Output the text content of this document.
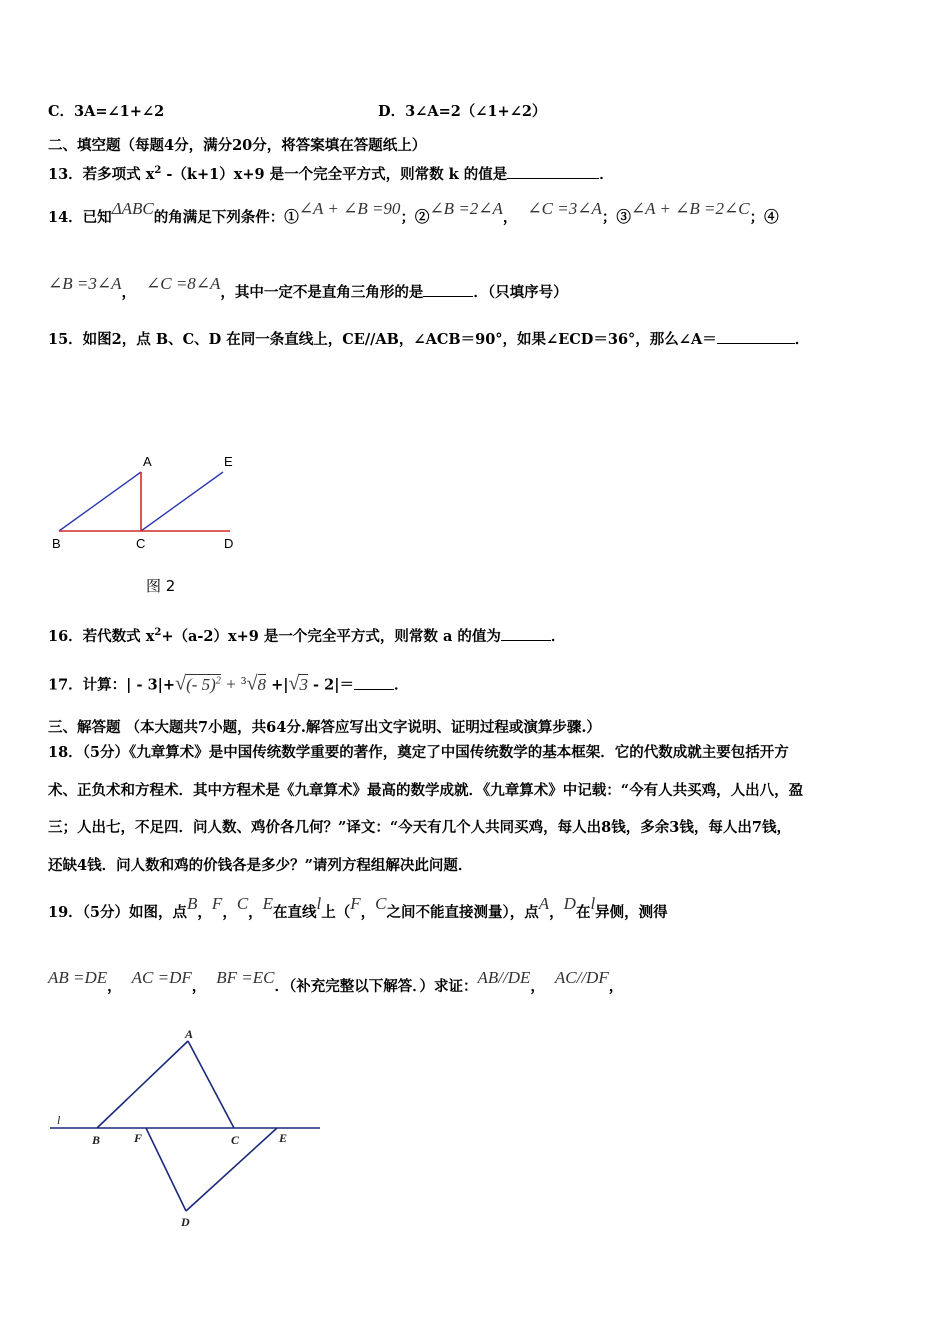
C．3A=∠1+∠2	D．3∠A=2（∠1+∠2）
二、填空题（每题4分，满分20分，将答案填在答题纸上）
13．若多项式 $x^2$ -（k+1）x+9 是一个完全平方式，则常数 k 的值是	．
14．已知ΔABC的角满足下列条件：①∠A + ∠B =90；②∠B =2∠A， ∠C =3∠A；③∠A + ∠B =2∠C；④
∠B =3∠A， ∠C =8∠A，其中一定不是直角三角形的是	．（只填序号）
15．如图2，点 B、C、D 在同一条直线上，CE//AB，∠ACB＝90°，如果∠ECD＝36°，那么∠A＝	．
A	E
B	C	D
图 2
16．若代数式 $x^2+(a-2)x+9$ 是一个完全平方式，则常数 a 的值为	．
17．计算：| - 3|+√(- 5)$^2$ + $^3$√8 +|√3 - 2|＝	．
三、解答题 （本大题共7小题，共64分.解答应写出文字说明、证明过程或演算步骤.）
18．（5分）《九章算术》是中国传统数学重要的著作，奠定了中国传统数学的基本框架．它的代数成就主要包括开方
术、正负术和方程术．其中方程术是《九章算术》最高的数学成就．《九章算术》中记载：“今有人共买鸡，人出八，盈
三；人出七，不足四．问人数、鸡价各几何？”译文：“今天有几个人共同买鸡，每人出8钱，多余3钱，每人出7钱，
还缺4钱．问人数和鸡的价钱各是多少？”请列方程组解决此问题．
19．（5分）如图，点B，F，C，E在直线l上（F，C之间不能直接测量），点A，D在l异侧，测得
AB =DE， AC =DF， BF =EC．（补充完整以下解答．）求证：AB//DE， AC//DF，
A
l
B	F	C	E
D
